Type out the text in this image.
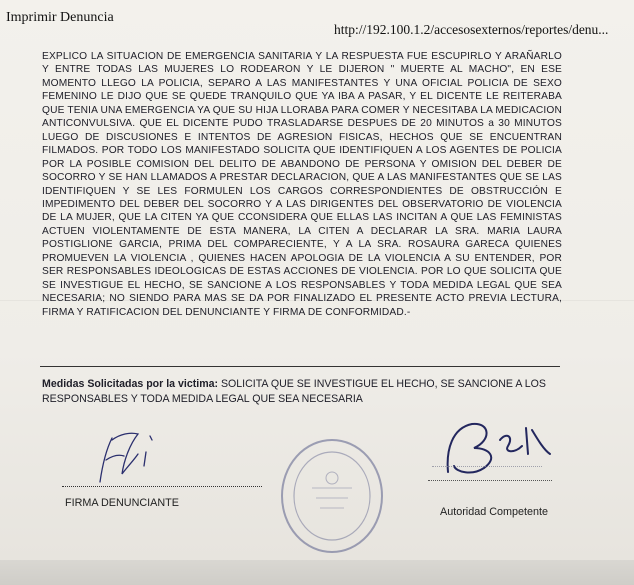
Imprimir Denuncia
http://192.100.1.2/accesosexternos/reportes/denu...
EXPLICO LA SITUACION DE EMERGENCIA SANITARIA Y LA RESPUESTA FUE ESCUPIRLO Y ARAÑARLO Y ENTRE TODAS LAS MUJERES LO RODEARON Y LE DIJERON " MUERTE AL MACHO", EN ESE MOMENTO LLEGO LA POLICIA, SEPARO A LAS MANIFESTANTES Y UNA OFICIAL POLICIA DE SEXO FEMENINO LE DIJO QUE SE QUEDE TRANQUILO QUE YA IBA A PASAR, Y EL DICENTE LE REITERABA QUE TENIA UNA EMERGENCIA YA QUE SU HIJA LLORABA PARA COMER Y NECESITABA LA MEDICACION ANTICONVULSIVA. QUE EL DICENTE PUDO TRASLADARSE DESPUES DE 20 MINUTOS a 30 MINUTOS LUEGO DE DISCUSIONES E INTENTOS DE AGRESION FISICAS, HECHOS QUE SE ENCUENTRAN FILMADOS. POR TODO LOS MANIFESTADO SOLICITA QUE IDENTIFIQUEN A LOS AGENTES DE POLICIA POR LA POSIBLE COMISION DEL DELITO DE ABANDONO DE PERSONA Y OMISION DEL DEBER DE SOCORRO Y SE HAN LLAMADOS A PRESTAR DECLARACION, QUE A LAS MANIFESTANTES QUE SE LAS IDENTIFIQUEN Y SE LES FORMULEN LOS CARGOS CORRESPONDIENTES DE OBSTRUCCIÓN E IMPEDIMENTO DEL DEBER DEL SOCORRO Y A LAS DIRIGENTES DEL OBSERVATORIO DE VIOLENCIA DE LA MUJER, QUE LA CITEN YA QUE CCONSIDERA QUE ELLAS LAS INCITAN A QUE LAS FEMINISTAS ACTUEN VIOLENTAMENTE DE ESTA MANERA, LA CITEN A DECLARAR LA SRA. MARIA LAURA POSTIGLIONE GARCIA, PRIMA DEL COMPARECIENTE, Y A LA SRA. ROSAURA GARECA QUIENES PROMUEVEN LA VIOLENCIA , QUIENES HACEN APOLOGIA DE LA VIOLENCIA A SU ENTENDER, POR SER RESPONSABLES IDEOLOGICAS DE ESTAS ACCIONES DE VIOLENCIA. POR LO QUE SOLICITA QUE SE INVESTIGUE EL HECHO, SE SANCIONE A LOS RESPONSABLES Y TODA MEDIDA LEGAL QUE SEA NECESARIA; NO SIENDO PARA MAS SE DA POR FINALIZADO EL PRESENTE ACTO PREVIA LECTURA, FIRMA Y RATIFICACION DEL DENUNCIANTE Y FIRMA DE CONFORMIDAD.-
Medidas Solicitadas por la victima: SOLICITA QUE SE INVESTIGUE EL HECHO, SE SANCIONE A LOS RESPONSABLES Y TODA MEDIDA LEGAL QUE SEA NECESARIA
FIRMA DENUNCIANTE
Autoridad Competente
